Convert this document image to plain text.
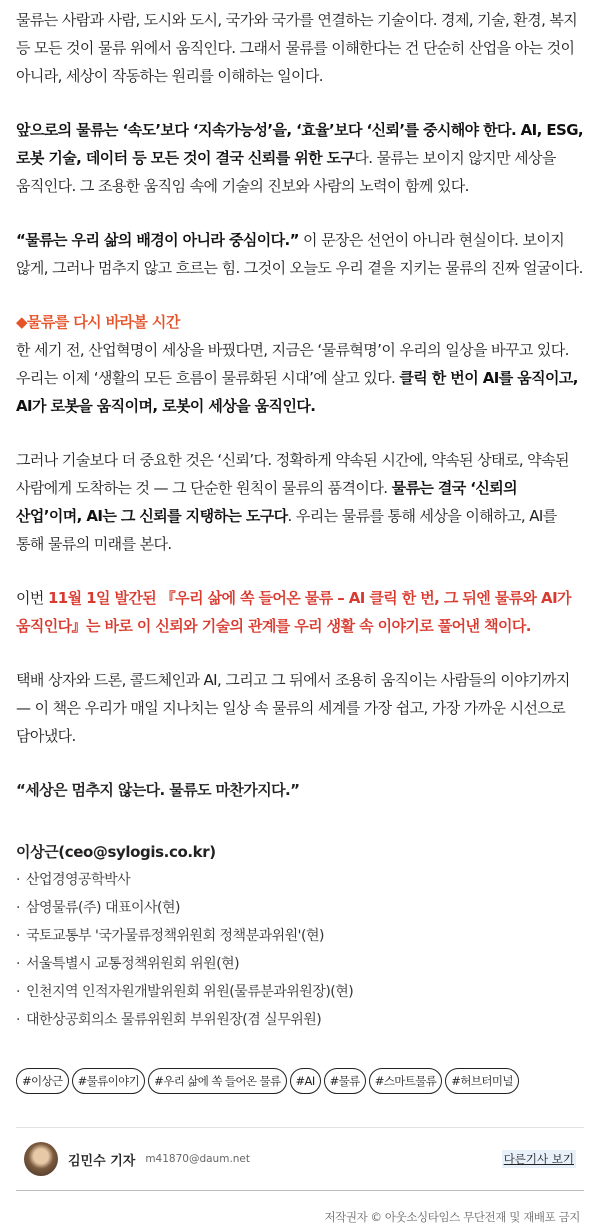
물류는 사람과 사람, 도시와 도시, 국가와 국가를 연결하는 기술이다. 경제, 기술, 환경, 복지 등 모든 것이 물류 위에서 움직인다. 그래서 물류를 이해한다는 건 단순히 산업을 아는 것이 아니라, 세상이 작동하는 원리를 이해하는 일이다.

앞으로의 물류는 ‘속도’보다 ‘지속가능성’을, ‘효율’보다 ‘신뢰’를 중시해야 한다. AI, ESG, 로봇 기술, 데이터 등 모든 것이 결국 신뢰를 위한 도구다. 물류는 보이지 않지만 세상을 움직인다. 그 조용한 움직임 속에 기술의 진보와 사람의 노력이 함께 있다.

“물류는 우리 삶의 배경이 아니라 중심이다.” 이 문장은 선언이 아니라 현실이다. 보이지 않게, 그러나 멈추지 않고 흐르는 힘. 그것이 오늘도 우리 곁을 지키는 물류의 진짜 얼굴이다.

◆물류를 다시 바라볼 시간

한 세기 전, 산업혁명이 세상을 바꿨다면, 지금은 ‘물류혁명’이 우리의 일상을 바꾸고 있다. 우리는 이제 ‘생활의 모든 흐름이 물류화된 시대’에 살고 있다. 클릭 한 번이 AI를 움직이고, AI가 로봇을 움직이며, 로봇이 세상을 움직인다.

그러나 기술보다 더 중요한 것은 ‘신뢰’다. 정확하게 약속된 시간에, 약속된 상태로, 약속된 사람에게 도착하는 것 — 그 단순한 원칙이 물류의 품격이다. 물류는 결국 ‘신뢰의 산업’이며, AI는 그 신뢰를 지탱하는 도구다. 우리는 물류를 통해 세상을 이해하고, AI를 통해 물류의 미래를 본다.

이번 11월 1일 발간된 『우리 삶에 쏙 들어온 물류 – AI 클릭 한 번, 그 뒤엔 물류와 AI가 움직인다』는 바로 이 신뢰와 기술의 관계를 우리 생활 속 이야기로 풀어낸 책이다.

택배 상자와 드론, 콜드체인과 AI, 그리고 그 뒤에서 조용히 움직이는 사람들의 이야기까지 — 이 책은 우리가 매일 지나치는 일상 속 물류의 세계를 가장 쉽고, 가장 가까운 시선으로 담아냈다.

“세상은 멈추지 않는다. 물류도 마찬가지다.”

이상근(ceo@sylogis.co.kr)
· 산업경영공학박사
· 삼영물류(주) 대표이사(현)
· 국토교통부 '국가물류정책위원회 정책분과위원'(현)
· 서울특별시 교통정책위원회 위원(현)
· 인천지역 인적자원개발위원회 위원(물류분과위원장)(현)
· 대한상공회의소 물류위원회 부위원장(겸 실무위원)
#이상근	#물류이야기	#우리 삶에 쏙 들어온 물류	#AI	#물류	#스마트물류	#허브터미널
김민수 기자 m41870@daum.net	다른기사 보기
저작권자 © 아웃소싱타임스 무단전재 및 재배포 금지
